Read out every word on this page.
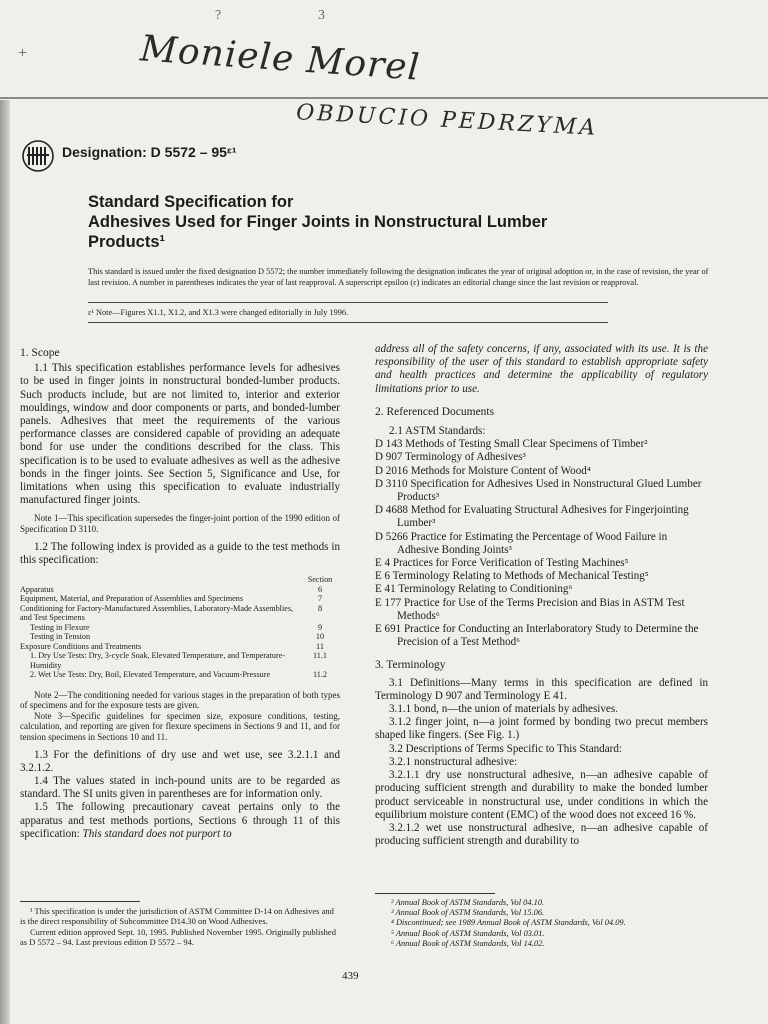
+
?	3
Moniele Morel
OBDUCIO PEDRZYMA
Designation: D 5572 – 95ᵋ¹
Standard Specification for
Adhesives Used for Finger Joints in Nonstructural Lumber
Products¹
This standard is issued under the fixed designation D 5572; the number immediately following the designation indicates the year of original adoption or, in the case of revision, the year of last revision. A number in parentheses indicates the year of last reapproval. A superscript epsilon (ε) indicates an editorial change since the last revision or reapproval.
ε¹ Note—Figures X1.1, X1.2, and X1.3 were changed editorially in July 1996.
1. Scope

1.1 This specification establishes performance levels for adhesives to be used in finger joints in nonstructural bonded-lumber products. Such products include, but are not limited to, interior and exterior mouldings, window and door components or parts, and bonded-lumber panels. Adhesives that meet the requirements of the various performance classes are considered capable of providing an adequate bond for use under the conditions described for the class. This specification is to be used to evaluate adhesives as well as the adhesive bonds in the finger joints. See Section 5, Significance and Use, for limitations when using this specification to evaluate industrially manufactured finger joints.

Note 1—This specification supersedes the finger-joint portion of the 1990 edition of Specification D 3110.

1.2 The following index is provided as a guide to the test methods in this specification:

	Section
Apparatus	6
Equipment, Material, and Preparation of Assemblies and Specimens	7
Conditioning for Factory-Manufactured Assemblies, Laboratory-Made Assemblies, and Test Specimens	8
Testing in Flexure	9
Testing in Tension	10
Exposure Conditions and Treatments	11
1. Dry Use Tests: Dry, 3-cycle Soak, Elevated Temperature, and Temperature-Humidity	11.1
2. Wet Use Tests: Dry, Boil, Elevated Temperature, and Vacuum-Pressure	11.2

Note 2—The conditioning needed for various stages in the preparation of both types of specimens and for the exposure tests are given.

Note 3—Specific guidelines for specimen size, exposure conditions, testing, calculation, and reporting are given for flexure specimens in Sections 9 and 11, and for tension specimens in Sections 10 and 11.

1.3 For the definitions of dry use and wet use, see 3.2.1.1 and 3.2.1.2.

1.4 The values stated in inch-pound units are to be regarded as standard. The SI units given in parentheses are for information only.

1.5 The following precautionary caveat pertains only to the apparatus and test methods portions, Sections 6 through 11 of this specification: This standard does not purport to

address all of the safety concerns, if any, associated with its use. It is the responsibility of the user of this standard to establish appropriate safety and health practices and determine the applicability of regulatory limitations prior to use.

2. Referenced Documents

2.1 ASTM Standards:

D 143 Methods of Testing Small Clear Specimens of Timber²
D 907 Terminology of Adhesives³
D 2016 Methods for Moisture Content of Wood⁴
D 3110 Specification for Adhesives Used in Nonstructural Glued Lumber Products³
D 4688 Method for Evaluating Structural Adhesives for Fingerjointing Lumber³
D 5266 Practice for Estimating the Percentage of Wood Failure in Adhesive Bonding Joints³
E 4 Practices for Force Verification of Testing Machines⁵
E 6 Terminology Relating to Methods of Mechanical Testing⁵
E 41 Terminology Relating to Conditioning⁶
E 177 Practice for Use of the Terms Precision and Bias in ASTM Test Methods⁶
E 691 Practice for Conducting an Interlaboratory Study to Determine the Precision of a Test Method⁶
3. Terminology

3.1 Definitions—Many terms in this specification are defined in Terminology D 907 and Terminology E 41.

3.1.1 bond, n—the union of materials by adhesives.

3.1.2 finger joint, n—a joint formed by bonding two precut members shaped like fingers. (See Fig. 1.)

3.2 Descriptions of Terms Specific to This Standard:

3.2.1 nonstructural adhesive:

3.2.1.1 dry use nonstructural adhesive, n—an adhesive capable of producing sufficient strength and durability to make the bonded lumber product serviceable in nonstructural use, under conditions in which the equilibrium moisture content (EMC) of the wood does not exceed 16 %.

3.2.1.2 wet use nonstructural adhesive, n—an adhesive capable of producing sufficient strength and durability to

¹ This specification is under the jurisdiction of ASTM Committee D-14 on Adhesives and is the direct responsibility of Subcommittee D14.30 on Wood Adhesives.

Current edition approved Sept. 10, 1995. Published November 1995. Originally published as D 5572 – 94. Last previous edition D 5572 – 94.

² Annual Book of ASTM Standards, Vol 04.10.
³ Annual Book of ASTM Standards, Vol 15.06.
⁴ Discontinued; see 1989 Annual Book of ASTM Standards, Vol 04.09.
⁵ Annual Book of ASTM Standards, Vol 03.01.
⁶ Annual Book of ASTM Standards, Vol 14.02.
439
